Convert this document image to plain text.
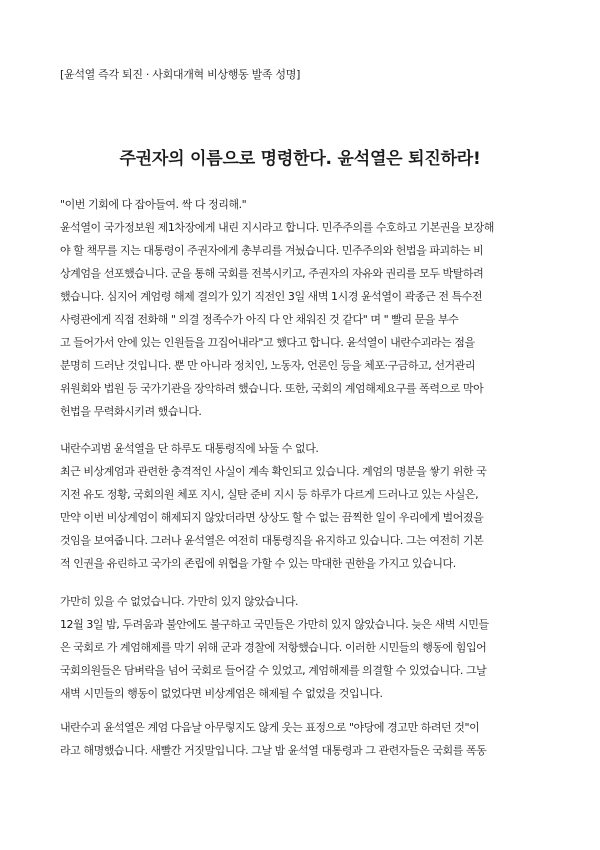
[윤석열 즉각 퇴진 · 사회대개혁 비상행동 발족 성명]
주권자의 이름으로 명령한다. 윤석열은 퇴진하라!
"이번 기회에 다 잡아들여. 싹 다 정리해."
윤석열이 국가정보원 제1차장에게 내린 지시라고 합니다. 민주주의를 수호하고 기본권을 보장해
야 할 책무를 지는 대통령이 주권자에게 총부리를 겨눴습니다. 민주주의와 헌법을 파괴하는 비
상계엄을 선포했습니다. 군을 통해 국회를 전복시키고, 주권자의 자유와 권리를 모두 박탈하려
했습니다. 심지어 계엄령 해제 결의가 있기 직전인 3일 새벽 1시경 윤석열이 곽종근 전 특수전
사령관에게 직접 전화해 " 의결 정족수가 아직 다 안 채워진 것 같다" 며 " 빨리 문을 부수
고 들어가서 안에 있는 인원들을 끄집어내라"고 했다고 합니다. 윤석열이 내란수괴라는 점을
분명히 드러난 것입니다. 뿐 만 아니라 정치인, 노동자, 언론인 등을 체포·구금하고, 선거관리
위원회와 법원 등 국가기관을 장악하려 했습니다. 또한, 국회의 계엄해제요구를 폭력으로 막아
헌법을 무력화시키려 했습니다.
내란수괴범 윤석열을 단 하루도 대통령직에 놔둘 수 없다.
최근 비상계엄과 관련한 충격적인 사실이 계속 확인되고 있습니다. 계엄의 명분을 쌓기 위한 국
지전 유도 정황, 국회의원 체포 지시, 실탄 준비 지시 등 하루가 다르게 드러나고 있는 사실은,
만약 이번 비상계엄이 해제되지 않았더라면 상상도 할 수 없는 끔찍한 일이 우리에게 벌어졌을
것임을 보여줍니다. 그러나 윤석열은 여전히 대통령직을 유지하고 있습니다. 그는 여전히 기본
적 인권을 유린하고 국가의 존립에 위협을 가할 수 있는 막대한 권한을 가지고 있습니다.
가만히 있을 수 없었습니다. 가만히 있지 않았습니다.
12월 3일 밤, 두려움과 불안에도 불구하고 국민들은 가만히 있지 않았습니다. 늦은 새벽 시민들
은 국회로 가 계엄해제를 막기 위해 군과 경찰에 저항했습니다. 이러한 시민들의 행동에 힘입어
국회의원들은 담벼락을 넘어 국회로 들어갈 수 있었고, 계엄해제를 의결할 수 있었습니다. 그날
새벽 시민들의 행동이 없었다면 비상계엄은 해제될 수 없었을 것입니다.
내란수괴 윤석열은 계엄 다음날 아무렇지도 않게 웃는 표정으로 "야당에 경고만 하려던 것"이
라고 해명했습니다. 새빨간 거짓말입니다. 그날 밤 윤석열 대통령과 그 관련자들은 국회를 폭동
